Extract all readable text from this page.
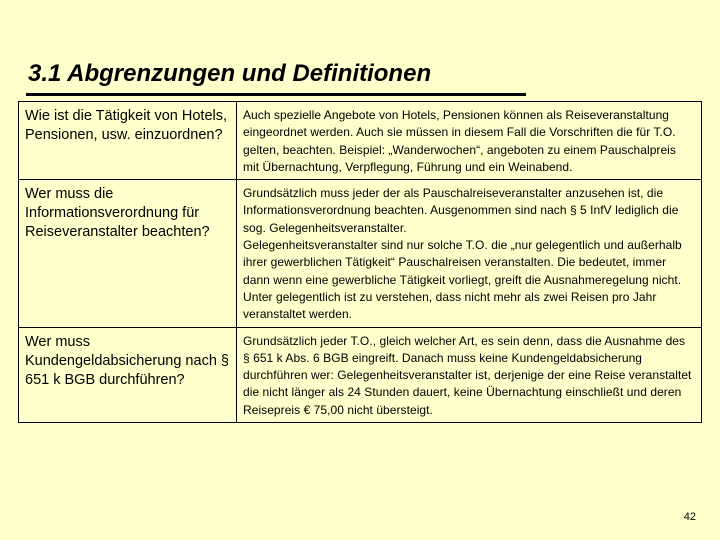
3.1 Abgrenzungen und Definitionen
Wie ist die Tätigkeit von Hotels, Pensionen, usw. einzuordnen?	Auch spezielle Angebote von Hotels, Pensionen können als Reiseveranstaltung eingeordnet werden. Auch sie müssen in diesem Fall die Vorschriften die für T.O. gelten, beachten. Beispiel: „Wanderwochen“, angeboten zu einem Pauschalpreis mit Übernachtung, Verpflegung, Führung und ein Weinabend.

Wer muss die Informationsverordnung für Reiseveranstalter beachten?	Grundsätzlich muss jeder der als Pauschalreiseveranstalter anzusehen ist, die Informationsverordnung beachten. Ausgenommen sind nach § 5 InfV lediglich die sog. Gelegenheitsveranstalter.
Gelegenheitsveranstalter sind nur solche T.O. die „nur gelegentlich und außerhalb ihrer gewerblichen Tätigkeit“ Pauschalreisen veranstalten. Die bedeutet, immer dann wenn eine gewerbliche Tätigkeit vorliegt, greift die Ausnahmeregelung nicht. Unter gelegentlich ist zu verstehen, dass nicht mehr als zwei Reisen pro Jahr veranstaltet werden.

Wer muss Kundengeldabsicherung nach § 651 k BGB durchführen?	Grundsätzlich jeder T.O., gleich welcher Art, es sein denn, dass die Ausnahme des § 651 k Abs. 6 BGB eingreift. Danach muss keine Kundengeldabsicherung durchführen wer: Gelegenheitsveranstalter ist, derjenige der eine Reise veranstaltet die nicht länger als 24 Stunden dauert, keine Übernachtung einschließt und deren Reisepreis € 75,00 nicht übersteigt.
42
